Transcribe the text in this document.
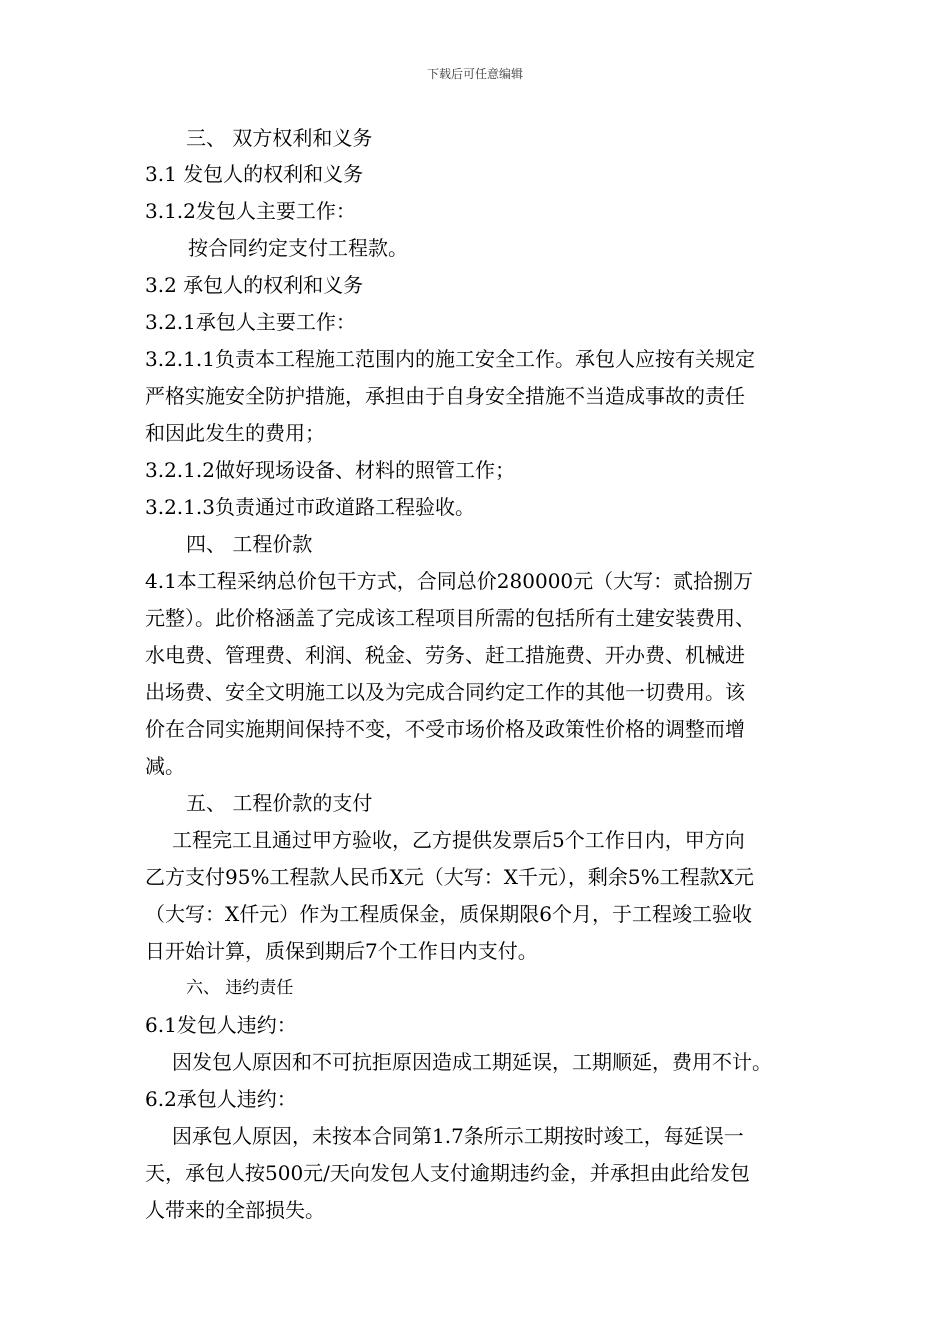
下载后可任意编辑
三、 双方权利和义务
3.1 发包人的权利和义务
3.1.2发包人主要工作：
按合同约定支付工程款。
3.2 承包人的权利和义务
3.2.1承包人主要工作：
3.2.1.1负责本工程施工范围内的施工安全工作。承包人应按有关规定
严格实施安全防护措施，承担由于自身安全措施不当造成事故的责任
和因此发生的费用；
3.2.1.2做好现场设备、材料的照管工作；
3.2.1.3负责通过市政道路工程验收。
四、 工程价款
4.1本工程采纳总价包干方式，合同总价280000元（大写：贰拾捌万
元整）。此价格涵盖了完成该工程项目所需的包括所有土建安装费用、
水电费、管理费、利润、税金、劳务、赶工措施费、开办费、机械进
出场费、安全文明施工以及为完成合同约定工作的其他一切费用。该
价在合同实施期间保持不变，不受市场价格及政策性价格的调整而增
减。
五、 工程价款的支付
工程完工且通过甲方验收，乙方提供发票后5个工作日内，甲方向
乙方支付95%工程款人民币X元（大写：X千元），剩余5%工程款X元
（大写：X仟元）作为工程质保金，质保期限6个月，于工程竣工验收
日开始计算，质保到期后7个工作日内支付。
六、 违约责任
6.1发包人违约：
因发包人原因和不可抗拒原因造成工期延误，工期顺延，费用不计。
6.2承包人违约：
因承包人原因，未按本合同第1.7条所示工期按时竣工，每延误一
天，承包人按500元/天向发包人支付逾期违约金，并承担由此给发包
人带来的全部损失。
